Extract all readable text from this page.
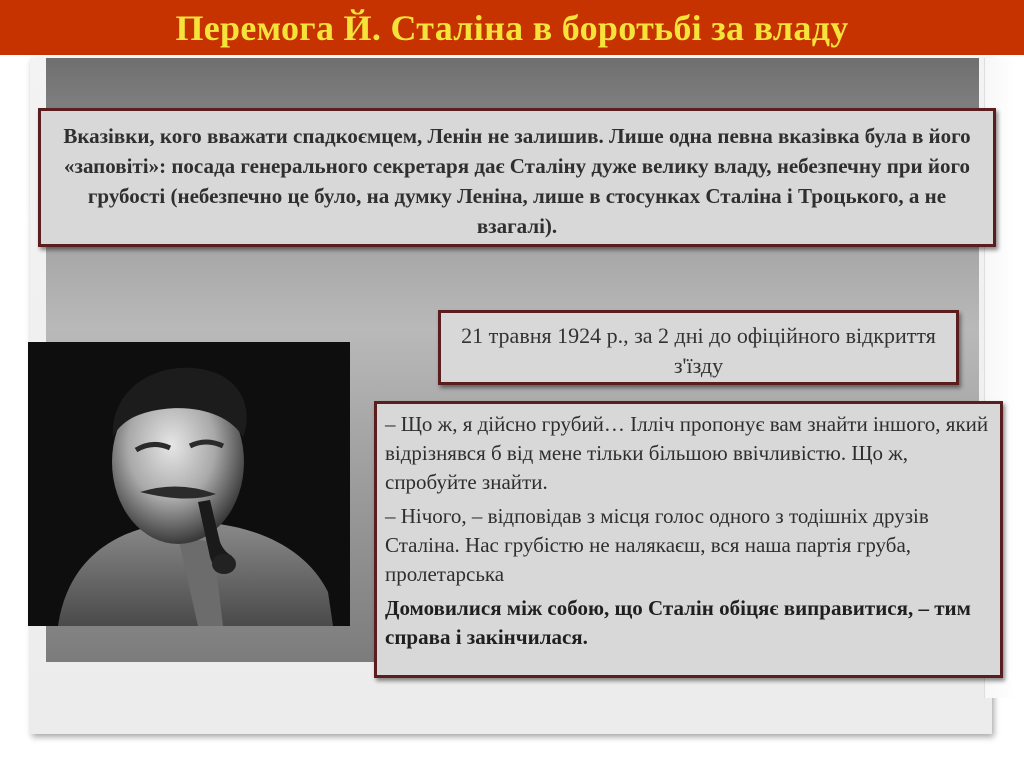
Перемога Й. Сталіна в боротьбі за владу
Вказівки, кого вважати спадкоємцем, Ленін не залишив. Лише одна певна вказівка була в його «заповіті»: посада генерального секретаря дає Сталіну дуже велику владу, небезпечну при його грубості (небезпечно це було, на думку Леніна, лише в стосунках Сталіна і Троцького, а не взагалі).
21 травня 1924 р., за 2 дні до офіційного відкриття з'їзду

– Що ж, я дійсно грубий… Ілліч пропонує вам знайти іншого, який відрізнявся б від мене тільки більшою ввічливістю. Що ж, спробуйте знайти.

– Нічого, – відповідав з місця голос одного з тодішніх друзів Сталіна. Нас грубістю не налякаєш, вся наша партія груба, пролетарська

Домовилися між собою, що Сталін обіцяє виправитися, – тим справа і закінчилася.
